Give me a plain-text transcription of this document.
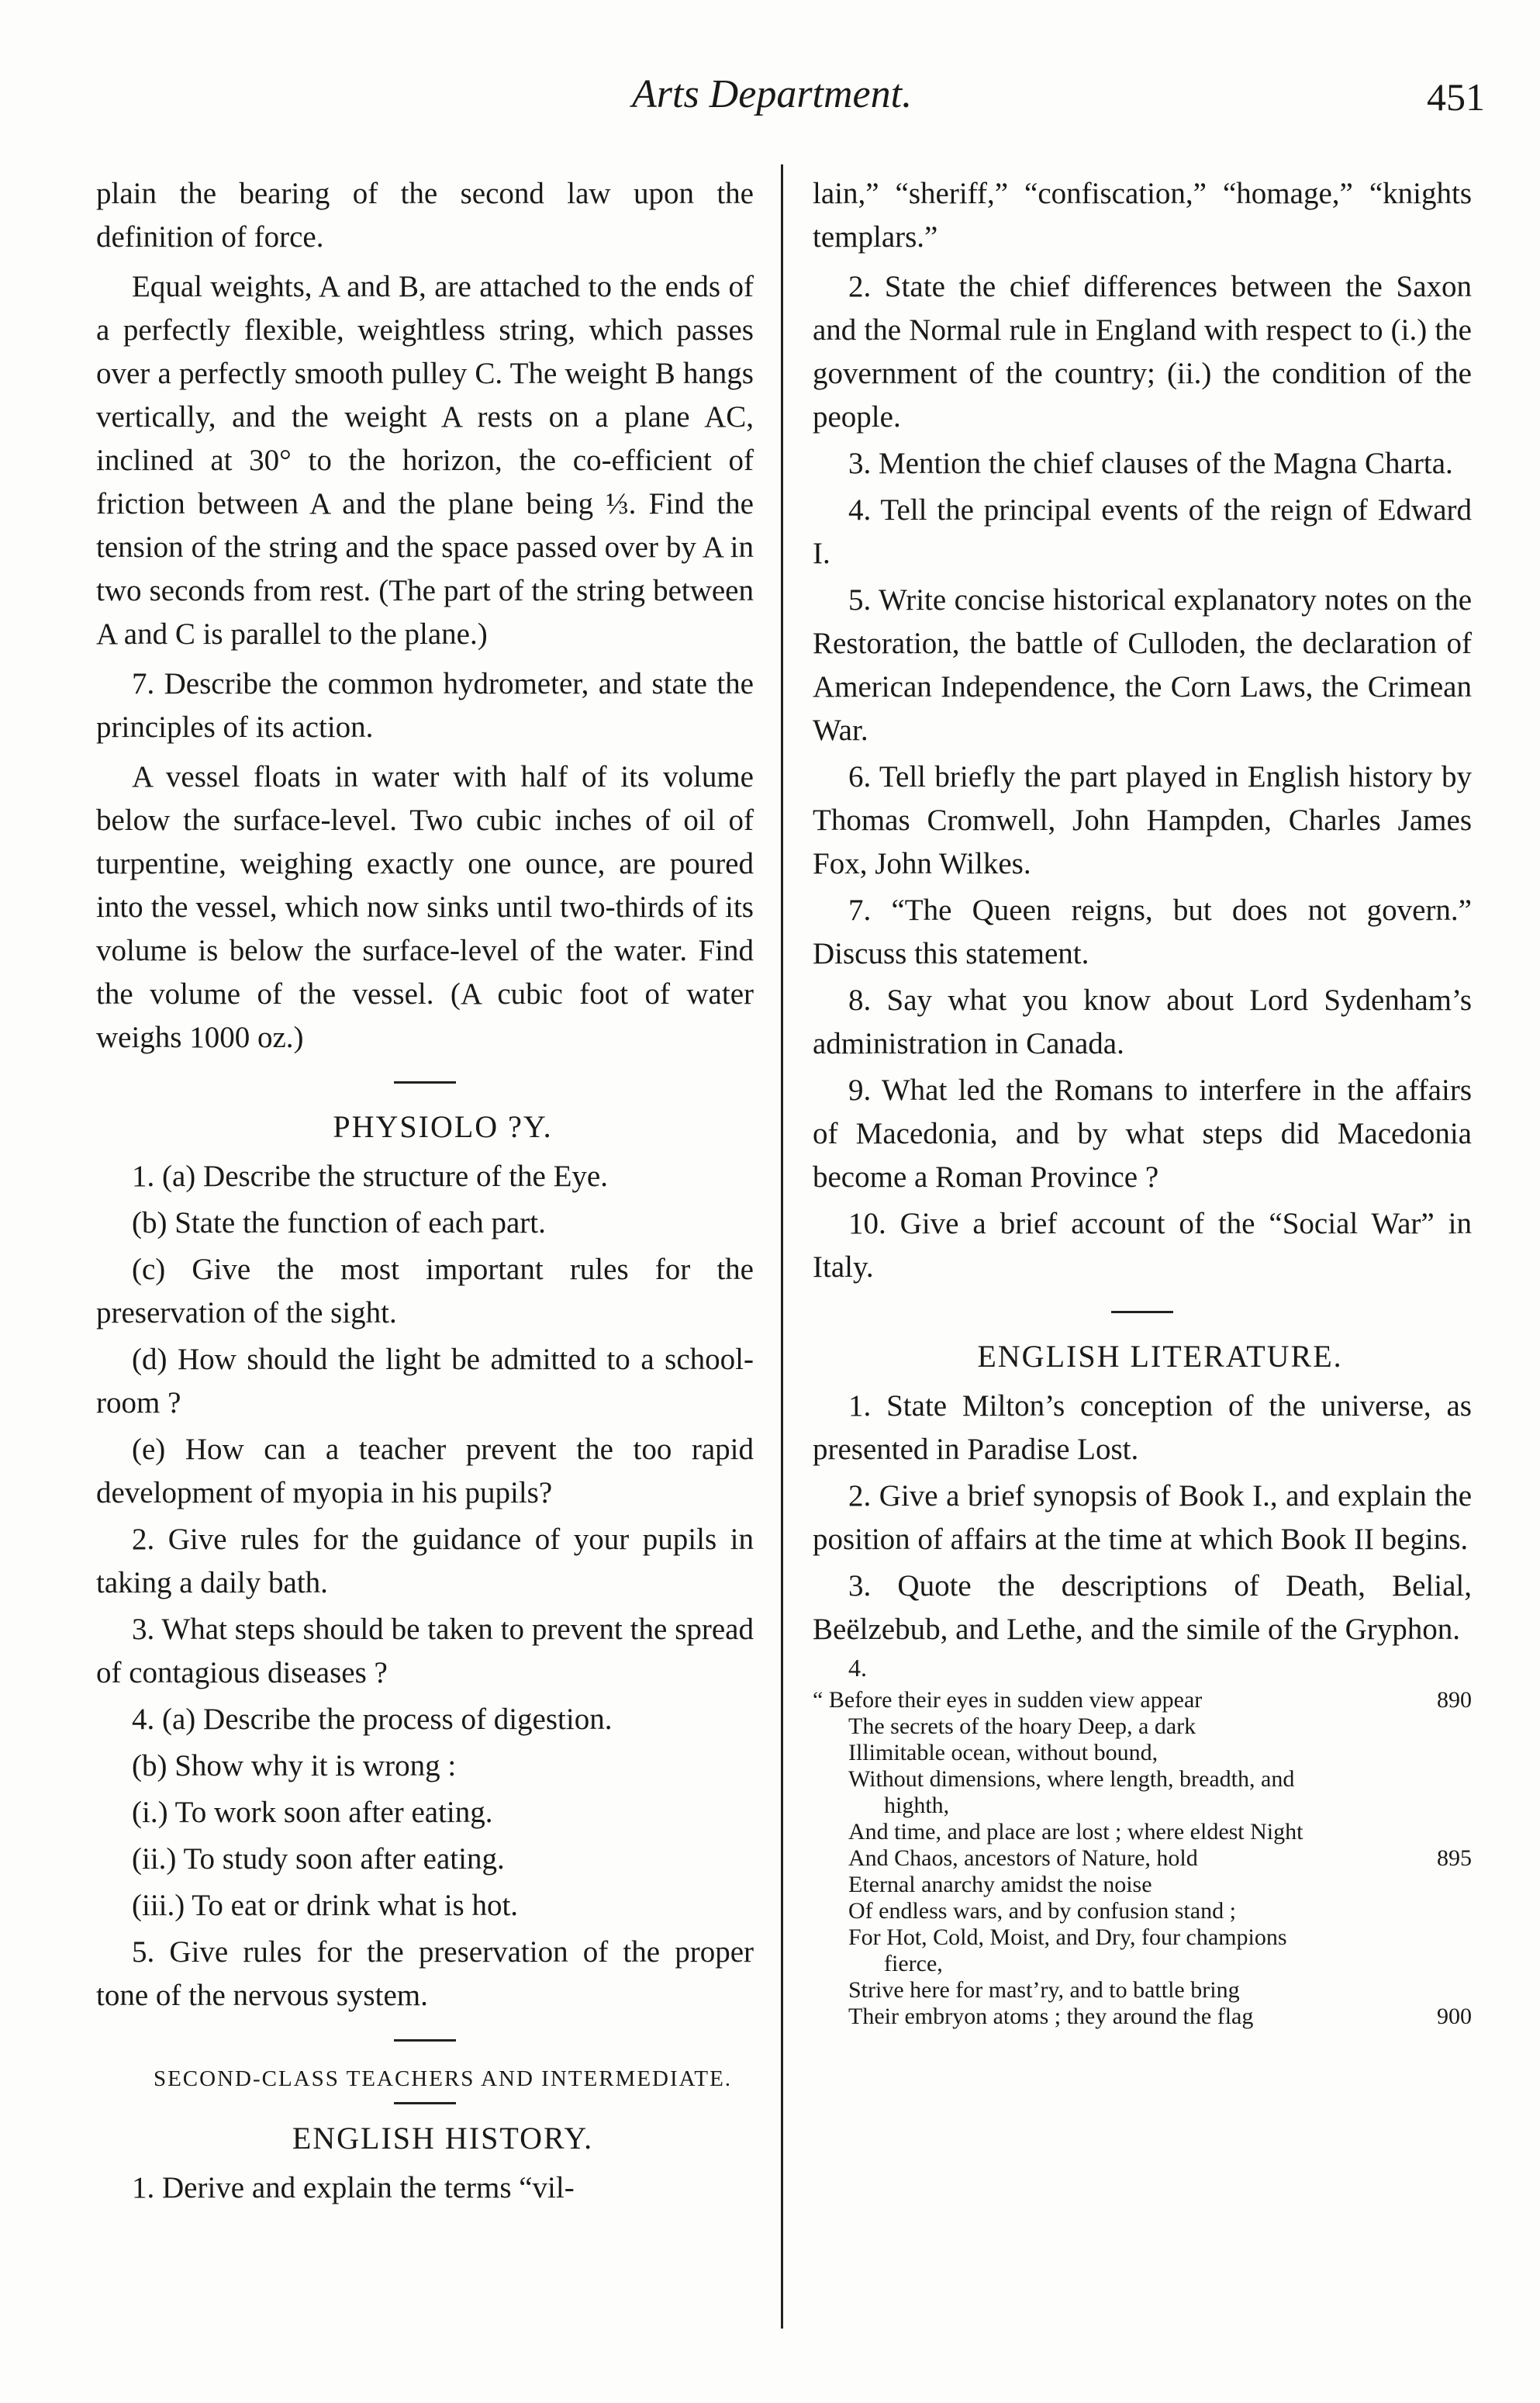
Arts Department.	451

plain the bearing of the second law upon the definition of force.

Equal weights, A and B, are attached to the ends of a perfectly flexible, weightless string, which passes over a perfectly smooth pulley C. The weight B hangs vertically, and the weight A rests on a plane AC, inclined at 30° to the horizon, the co-efficient of friction between A and the plane being ⅓. Find the tension of the string and the space passed over by A in two seconds from rest. (The part of the string between A and C is parallel to the plane.)

7. Describe the common hydrometer, and state the principles of its action.

A vessel floats in water with half of its volume below the surface-level. Two cubic inches of oil of turpentine, weighing exactly one ounce, are poured into the vessel, which now sinks until two-thirds of its volume is below the surface-level of the water. Find the volume of the vessel. (A cubic foot of water weighs 1000 oz.)

PHYSIOLO ?Y.

1. (a) Describe the structure of the Eye.

(b) State the function of each part.

(c) Give the most important rules for the preservation of the sight.

(d) How should the light be admitted to a school-room ?

(e) How can a teacher prevent the too rapid development of myopia in his pupils?

2. Give rules for the guidance of your pupils in taking a daily bath.

3. What steps should be taken to prevent the spread of contagious diseases ?

4. (a) Describe the process of digestion.

(b) Show why it is wrong :

(i.) To work soon after eating.

(ii.) To study soon after eating.

(iii.) To eat or drink what is hot.

5. Give rules for the preservation of the proper tone of the nervous system.

SECOND-CLASS TEACHERS AND INTERMEDIATE.

ENGLISH HISTORY.

1. Derive and explain the terms “vil-

lain,” “sheriff,” “confiscation,” “homage,” “knights templars.”

2. State the chief differences between the Saxon and the Normal rule in England with respect to (i.) the government of the country; (ii.) the condition of the people.

3. Mention the chief clauses of the Magna Charta.

4. Tell the principal events of the reign of Edward I.

5. Write concise historical explanatory notes on the Restoration, the battle of Culloden, the declaration of American Independence, the Corn Laws, the Crimean War.

6. Tell briefly the part played in English history by Thomas Cromwell, John Hampden, Charles James Fox, John Wilkes.

7. “The Queen reigns, but does not govern.” Discuss this statement.

8. Say what you know about Lord Sydenham’s administration in Canada.

9. What led the Romans to interfere in the affairs of Macedonia, and by what steps did Macedonia become a Roman Province ?

10. Give a brief account of the “Social War” in Italy.

ENGLISH LITERATURE.

1. State Milton’s conception of the universe, as presented in Paradise Lost.

2. Give a brief synopsis of Book I., and explain the position of affairs at the time at which Book II begins.

3. Quote the descriptions of Death, Belial, Beëlzebub, and Lethe, and the simile of the Gryphon.

4.

“ Before their eyes in sudden view appear	890
The secrets of the hoary Deep, a dark
Illimitable ocean, without bound,
Without dimensions, where length, breadth, and
highth,
And time, and place are lost ; where eldest Night
And Chaos, ancestors of Nature, hold	895
Eternal anarchy amidst the noise
Of endless wars, and by confusion stand ;
For Hot, Cold, Moist, and Dry, four champions
fierce,
Strive here for mast’ry, and to battle bring
Their embryon atoms ; they around the flag	900
